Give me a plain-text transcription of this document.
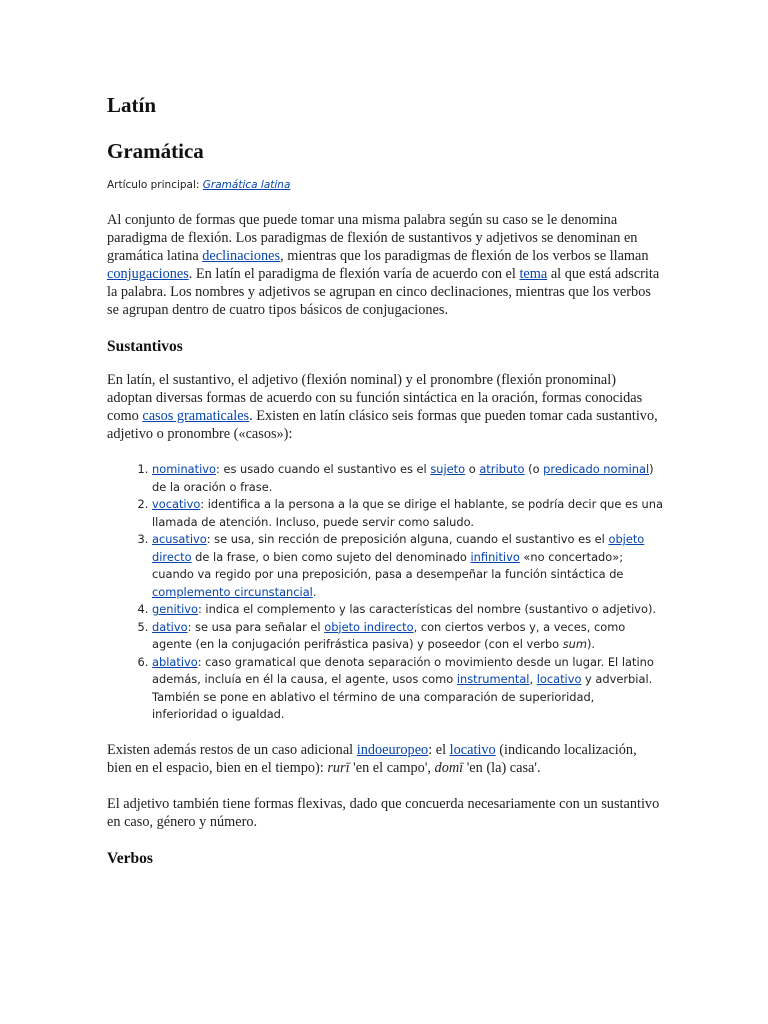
Latín
Gramática
Artículo principal: Gramática latina

Al conjunto de formas que puede tomar una misma palabra según su caso se le denomina paradigma de flexión. Los paradigmas de flexión de sustantivos y adjetivos se denominan en gramática latina declinaciones, mientras que los paradigmas de flexión de los verbos se llaman conjugaciones. En latín el paradigma de flexión varía de acuerdo con el tema al que está adscrita la palabra. Los nombres y adjetivos se agrupan en cinco declinaciones, mientras que los verbos se agrupan dentro de cuatro tipos básicos de conjugaciones.

Sustantivos

En latín, el sustantivo, el adjetivo (flexión nominal) y el pronombre (flexión pronominal) adoptan diversas formas de acuerdo con su función sintáctica en la oración, formas conocidas como casos gramaticales. Existen en latín clásico seis formas que pueden tomar cada sustantivo, adjetivo o pronombre («casos»):

1. nominativo: es usado cuando el sustantivo es el sujeto o atributo (o predicado nominal) de la oración o frase.
2. vocativo: identifica a la persona a la que se dirige el hablante, se podría decir que es una llamada de atención. Incluso, puede servir como saludo.
3. acusativo: se usa, sin rección de preposición alguna, cuando el sustantivo es el objeto directo de la frase, o bien como sujeto del denominado infinitivo «no concertado»; cuando va regido por una preposición, pasa a desempeñar la función sintáctica de complemento circunstancial.
4. genitivo: indica el complemento y las características del nombre (sustantivo o adjetivo).
5. dativo: se usa para señalar el objeto indirecto, con ciertos verbos y, a veces, como agente (en la conjugación perifrástica pasiva) y poseedor (con el verbo sum).
6. ablativo: caso gramatical que denota separación o movimiento desde un lugar. El latino además, incluía en él la causa, el agente, usos como instrumental, locativo y adverbial. También se pone en ablativo el término de una comparación de superioridad, inferioridad o igualdad.

Existen además restos de un caso adicional indoeuropeo: el locativo (indicando localización, bien en el espacio, bien en el tiempo): rurī 'en el campo', domī 'en (la) casa'.

El adjetivo también tiene formas flexivas, dado que concuerda necesariamente con un sustantivo en caso, género y número.

Verbos
